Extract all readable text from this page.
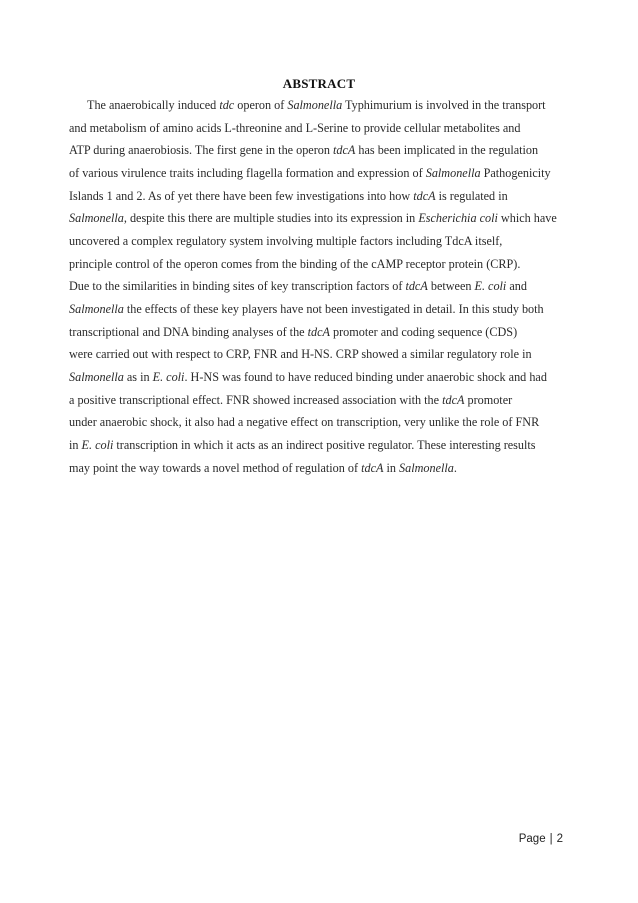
ABSTRACT
The anaerobically induced tdc operon of Salmonella Typhimurium is involved in the transport
and metabolism of amino acids L-threonine and L-Serine to provide cellular metabolites and
ATP during anaerobiosis. The first gene in the operon tdcA has been implicated in the regulation
of various virulence traits including flagella formation and expression of Salmonella Pathogenicity
Islands 1 and 2. As of yet there have been few investigations into how tdcA is regulated in
Salmonella, despite this there are multiple studies into its expression in Escherichia coli which have
uncovered a complex regulatory system involving multiple factors including TdcA itself,
principle control of the operon comes from the binding of the cAMP receptor protein (CRP).
Due to the similarities in binding sites of key transcription factors of tdcA between E. coli and
Salmonella the effects of these key players have not been investigated in detail. In this study both
transcriptional and DNA binding analyses of the tdcA promoter and coding sequence (CDS)
were carried out with respect to CRP, FNR and H-NS. CRP showed a similar regulatory role in
Salmonella as in E. coli. H-NS was found to have reduced binding under anaerobic shock and had
a positive transcriptional effect. FNR showed increased association with the tdcA promoter
under anaerobic shock, it also had a negative effect on transcription, very unlike the role of FNR
in E. coli transcription in which it acts as an indirect positive regulator. These interesting results
may point the way towards a novel method of regulation of tdcA in Salmonella.
Page | 2
